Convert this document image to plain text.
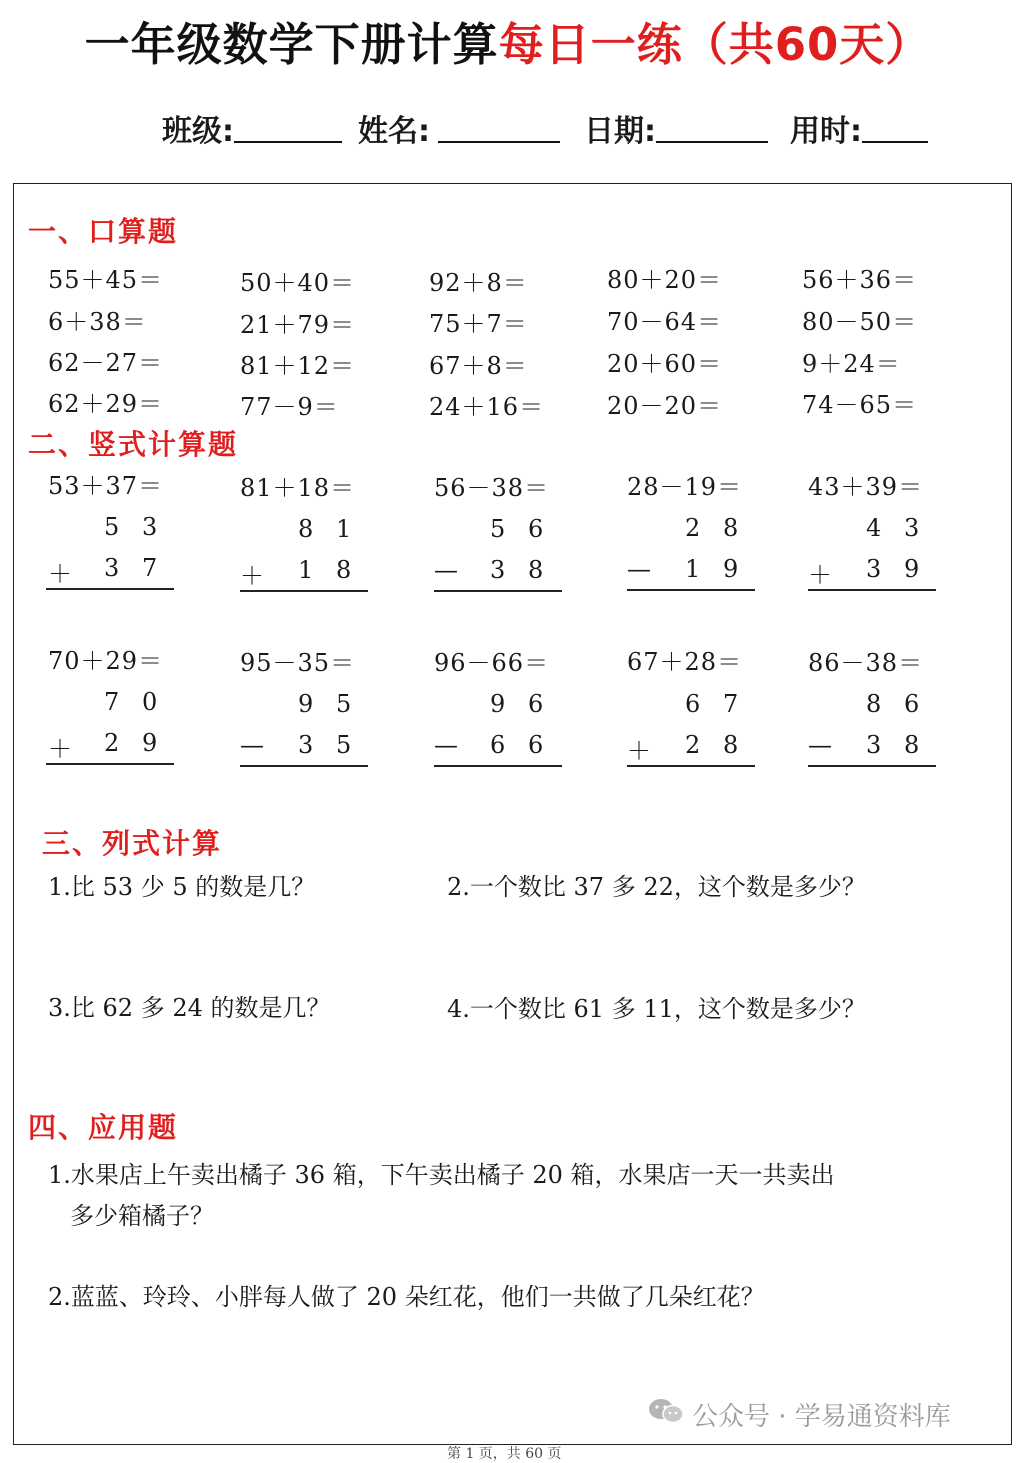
一年级数学下册计算每日一练（共60天）
班级:	姓名:	日期:	用时:
一、口算题
55＋45＝	50＋40＝	92＋8＝	80＋20＝	56＋36＝
6＋38＝	21＋79＝	75＋7＝	70－64＝	80－50＝
62－27＝	81＋12＝	67＋8＝	20＋60＝	9＋24＝
62＋29＝	77－9＝	24＋16＝	20－20＝	74－65＝
二、竖式计算题
53＋37＝	81＋18＝	56－38＝	28－19＝	43＋39＝
5 3
＋ 3 7
8 1
＋ 1 8
5 6
— 3 8
2 8
— 1 9
4 3
＋ 3 9
70＋29＝	95－35＝	96－66＝	67＋28＝	86－38＝
7 0
＋ 2 9
9 5
— 3 5
9 6
— 6 6
6 7
＋ 2 8
8 6
— 3 8
三、列式计算
1.比 53 少 5 的数是几？	2.一个数比 37 多 22，这个数是多少？
3.比 62 多 24 的数是几？	4.一个数比 61 多 11，这个数是多少？
四、应用题
1.水果店上午卖出橘子 36 箱，下午卖出橘子 20 箱，水果店一天一共卖出
多少箱橘子？
2.蓝蓝、玲玲、小胖每人做了 20 朵红花，他们一共做了几朵红花？
公众号 · 学易通资料库
第 1 页，共 60 页
